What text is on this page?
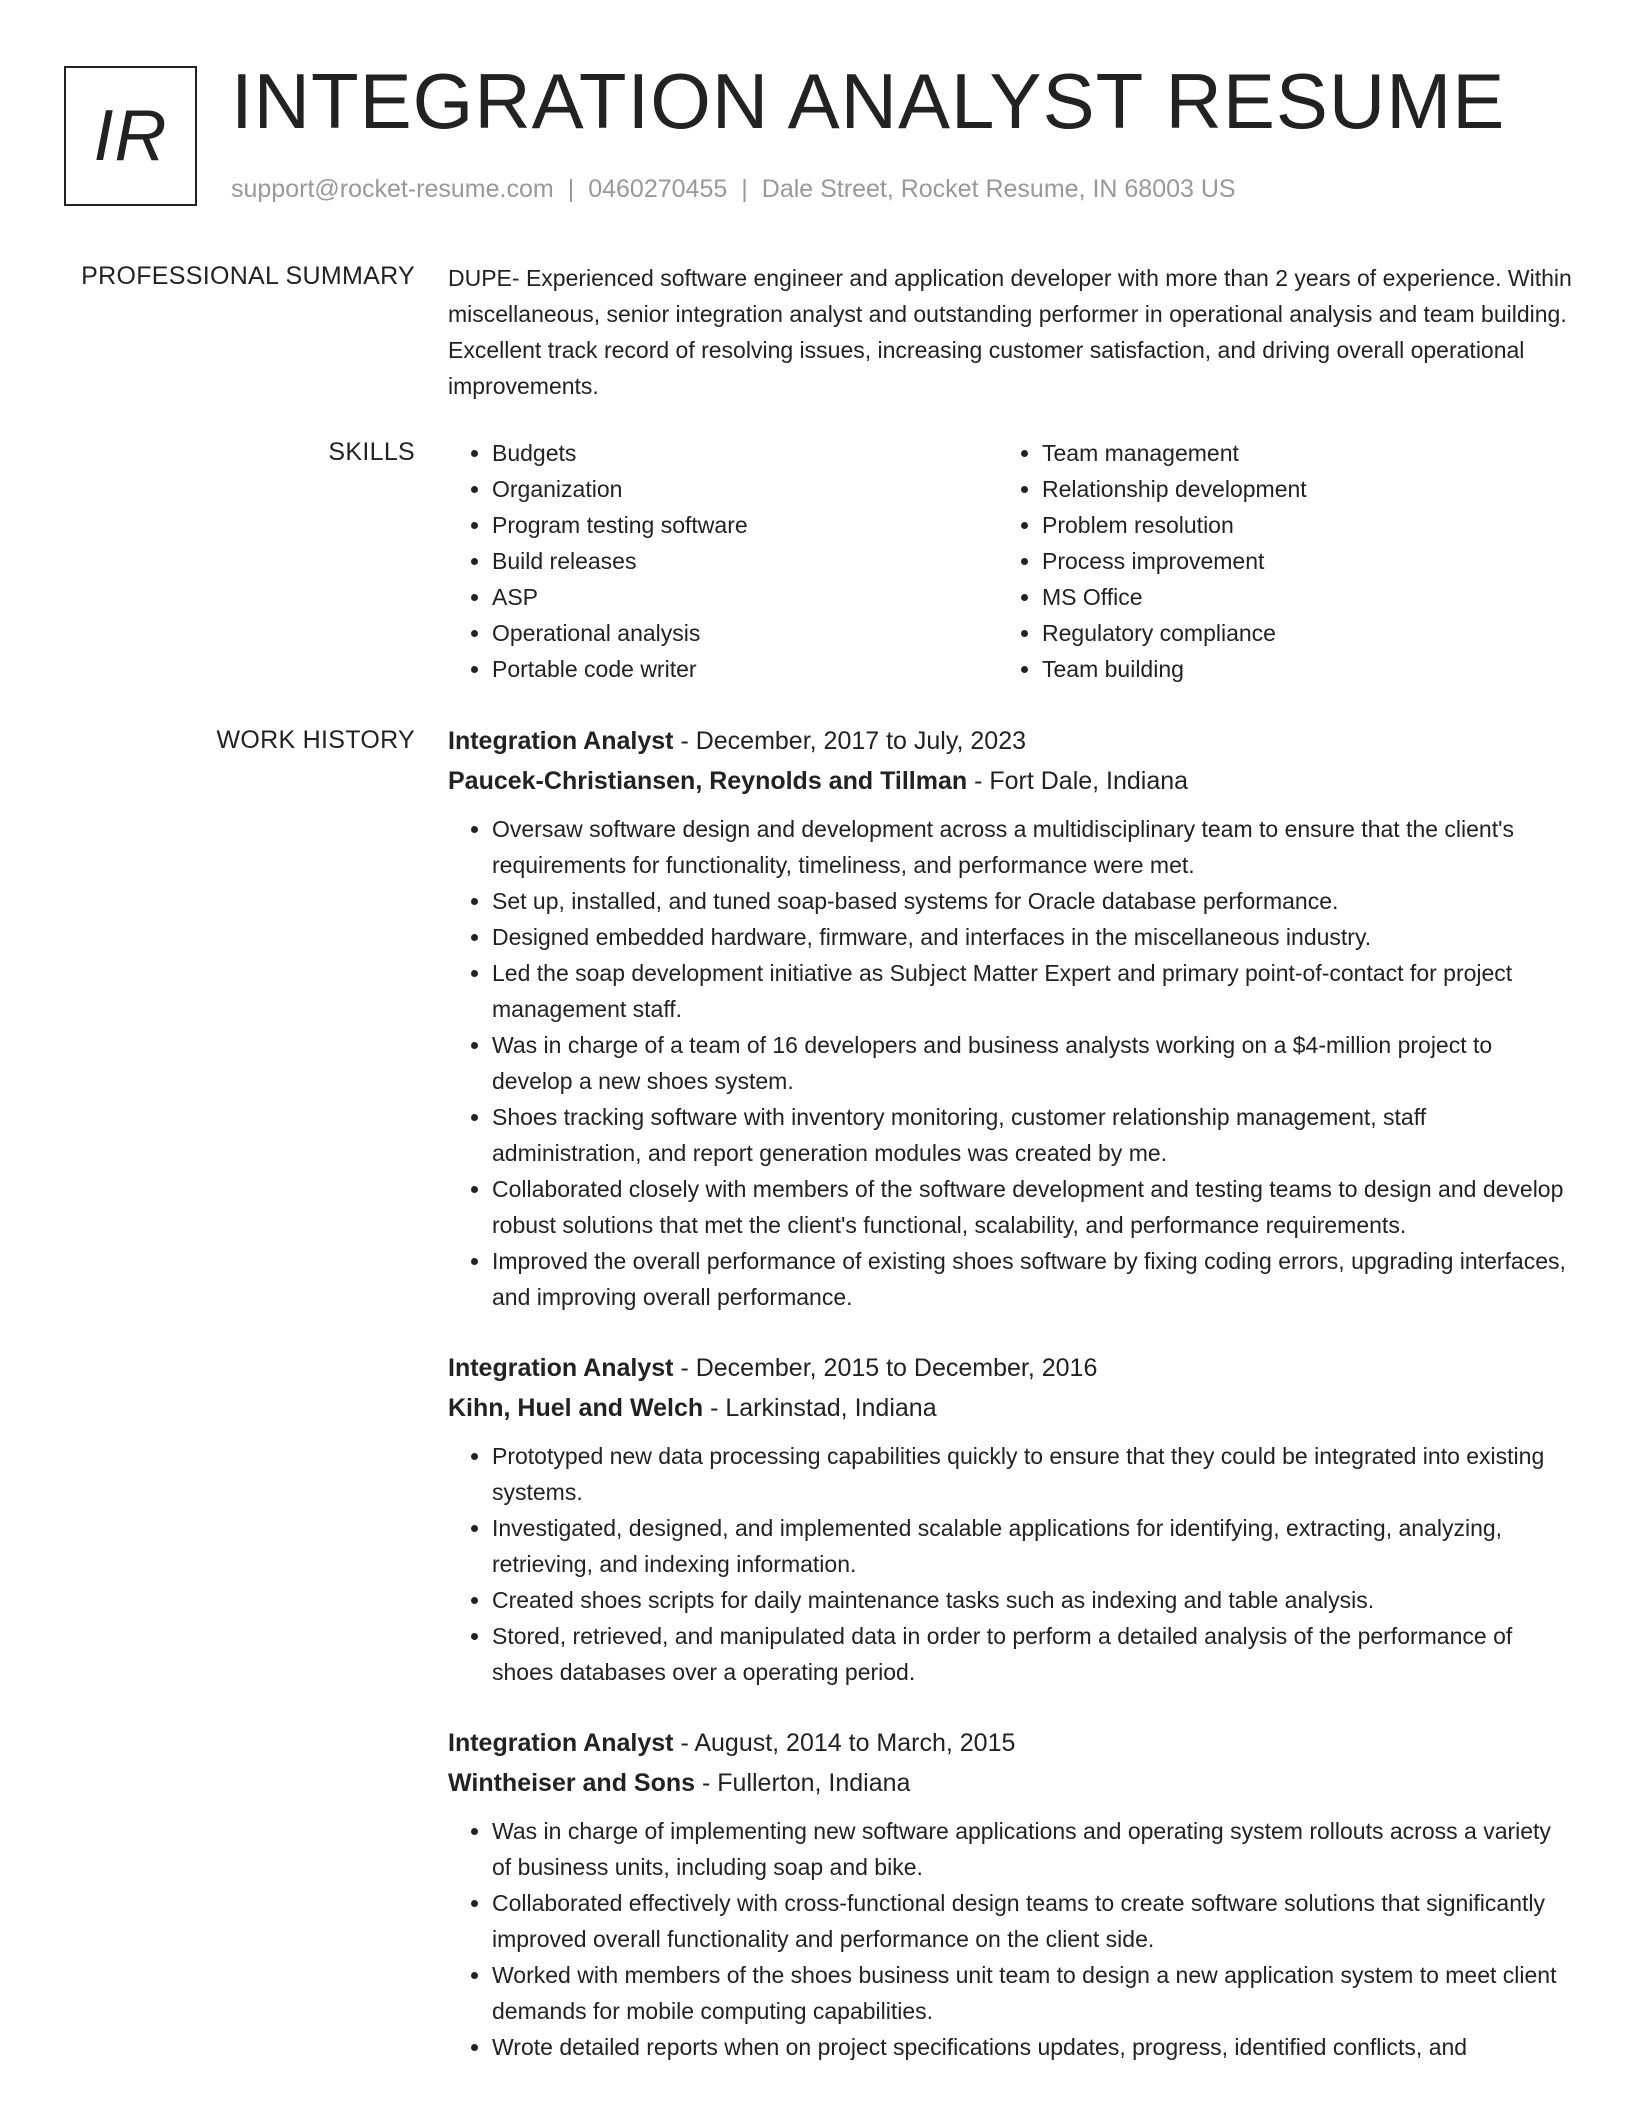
IR INTEGRATION ANALYST RESUME
support@rocket-resume.com | 0460270455 | Dale Street, Rocket Resume, IN 68003 US
PROFESSIONAL SUMMARY DUPE- Experienced software engineer and application developer with more than 2 years of experience. Within miscellaneous, senior integration analyst and outstanding performer in operational analysis and team building. Excellent track record of resolving issues, increasing customer satisfaction, and driving overall operational improvements.

SKILLS
•	Budgets
• Organization
• Program testing software
• Build releases
• ASP
• Operational analysis
• Portable code writer
• Team management
• Relationship development
• Problem resolution
• Process improvement
• MS Office
• Regulatory compliance
• Team building
WORK HISTORY Integration Analyst - December, 2017 to July, 2023
Paucek-Christiansen, Reynolds and Tillman - Fort Dale, Indiana
• Oversaw software design and development across a multidisciplinary team to ensure that the client's requirements for functionality, timeliness, and performance were met.
• Set up, installed, and tuned soap-based systems for Oracle database performance.
• Designed embedded hardware, firmware, and interfaces in the miscellaneous industry.
• Led the soap development initiative as Subject Matter Expert and primary point-of-contact for project management staff.
• Was in charge of a team of 16 developers and business analysts working on a $4-million project to develop a new shoes system.
• Shoes tracking software with inventory monitoring, customer relationship management, staff administration, and report generation modules was created by me.
• Collaborated closely with members of the software development and testing teams to design and develop robust solutions that met the client's functional, scalability, and performance requirements.
• Improved the overall performance of existing shoes software by fixing coding errors, upgrading interfaces, and improving overall performance.
Integration Analyst - December, 2015 to December, 2016
Kihn, Huel and Welch - Larkinstad, Indiana
• Prototyped new data processing capabilities quickly to ensure that they could be integrated into existing systems.
• Investigated, designed, and implemented scalable applications for identifying, extracting, analyzing, retrieving, and indexing information.
• Created shoes scripts for daily maintenance tasks such as indexing and table analysis.
• Stored, retrieved, and manipulated data in order to perform a detailed analysis of the performance of shoes databases over a operating period.
Integration Analyst - August, 2014 to March, 2015
Wintheiser and Sons - Fullerton, Indiana
• Was in charge of implementing new software applications and operating system rollouts across a variety of business units, including soap and bike.
• Collaborated effectively with cross-functional design teams to create software solutions that significantly improved overall functionality and performance on the client side.
• Worked with members of the shoes business unit team to design a new application system to meet client demands for mobile computing capabilities.
• Wrote detailed reports when on project specifications updates, progress, identified conflicts, and
